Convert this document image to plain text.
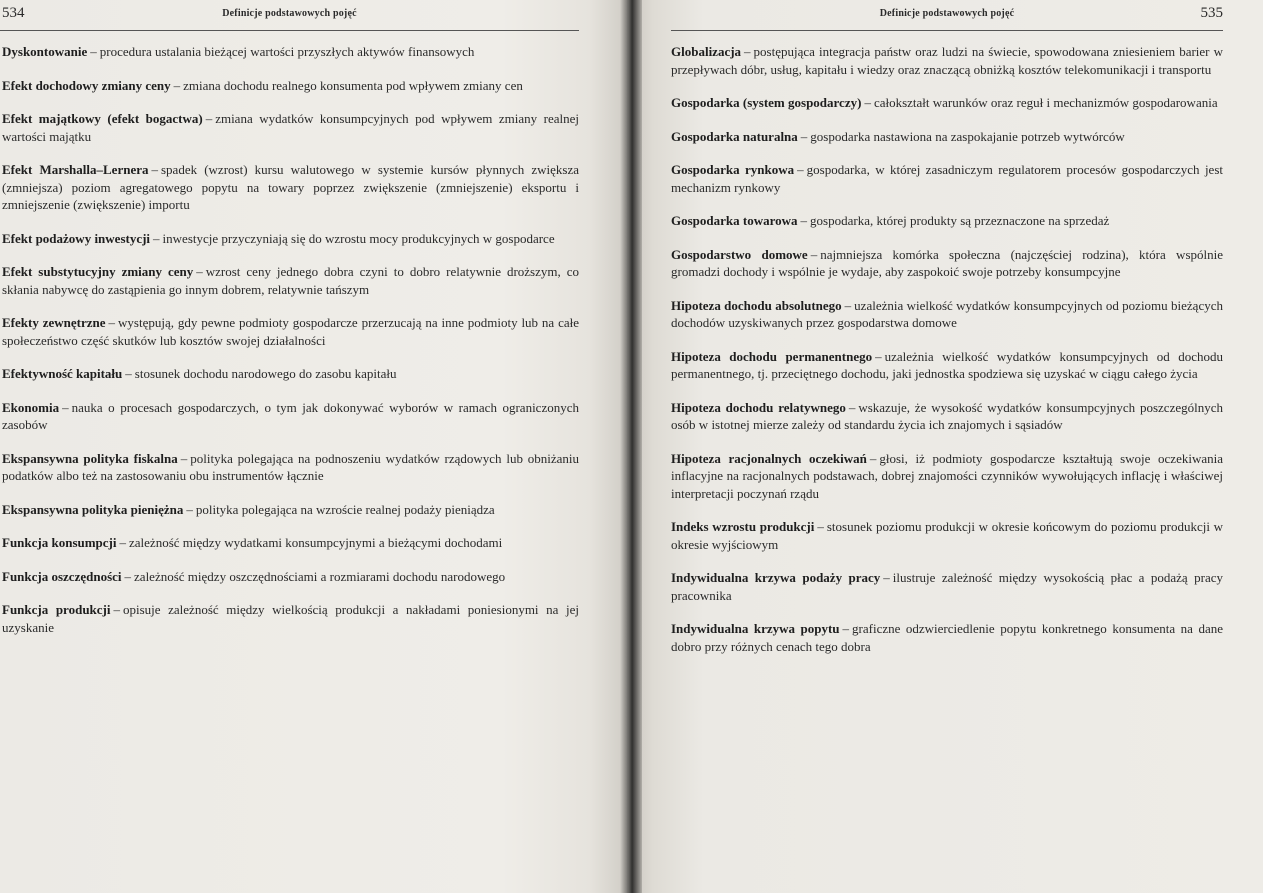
534	Definicje podstawowych pojęć

Dyskontowanie – procedura ustalania bieżącej wartości przyszłych aktywów finansowych

Efekt dochodowy zmiany ceny – zmiana dochodu realnego konsumenta pod wpływem zmiany cen

Efekt majątkowy (efekt bogactwa) – zmiana wydatków konsumpcyjnych pod wpływem zmiany realnej wartości majątku

Efekt Marshalla–Lernera – spadek (wzrost) kursu walutowego w systemie kursów płynnych zwiększa (zmniejsza) poziom agregatowego popytu na towary poprzez zwiększenie (zmniejszenie) eksportu i zmniejszenie (zwiększenie) importu

Efekt podażowy inwestycji – inwestycje przyczyniają się do wzrostu mocy produkcyjnych w gospodarce

Efekt substytucyjny zmiany ceny – wzrost ceny jednego dobra czyni to dobro relatywnie droższym, co skłania nabywcę do zastąpienia go innym dobrem, relatywnie tańszym

Efekty zewnętrzne – występują, gdy pewne podmioty gospodarcze przerzucają na inne podmioty lub na całe społeczeństwo część skutków lub kosztów swojej działalności

Efektywność kapitału – stosunek dochodu narodowego do zasobu kapitału

Ekonomia – nauka o procesach gospodarczych, o tym jak dokonywać wyborów w ramach ograniczonych zasobów

Ekspansywna polityka fiskalna – polityka polegająca na podnoszeniu wydatków rządowych lub obniżaniu podatków albo też na zastosowaniu obu instrumentów łącznie

Ekspansywna polityka pieniężna – polityka polegająca na wzroście realnej podaży pieniądza

Funkcja konsumpcji – zależność między wydatkami konsumpcyjnymi a bieżącymi dochodami

Funkcja oszczędności – zależność między oszczędnościami a rozmiarami dochodu narodowego

Funkcja produkcji – opisuje zależność między wielkością produkcji a nakładami poniesionymi na jej uzyskanie

Definicje podstawowych pojęć	535

Globalizacja – postępująca integracja państw oraz ludzi na świecie, spowodowana zniesieniem barier w przepływach dóbr, usług, kapitału i wiedzy oraz znaczącą obniżką kosztów telekomunikacji i transportu

Gospodarka (system gospodarczy) – całokształt warunków oraz reguł i mechanizmów gospodarowania

Gospodarka naturalna – gospodarka nastawiona na zaspokajanie potrzeb wytwórców

Gospodarka rynkowa – gospodarka, w której zasadniczym regulatorem procesów gospodarczych jest mechanizm rynkowy

Gospodarka towarowa – gospodarka, której produkty są przeznaczone na sprzedaż

Gospodarstwo domowe – najmniejsza komórka społeczna (najczęściej rodzina), która wspólnie gromadzi dochody i wspólnie je wydaje, aby zaspokoić swoje potrzeby konsumpcyjne

Hipoteza dochodu absolutnego – uzależnia wielkość wydatków konsumpcyjnych od poziomu bieżących dochodów uzyskiwanych przez gospodarstwa domowe

Hipoteza dochodu permanentnego – uzależnia wielkość wydatków konsumpcyjnych od dochodu permanentnego, tj. przeciętnego dochodu, jaki jednostka spodziewa się uzyskać w ciągu całego życia

Hipoteza dochodu relatywnego – wskazuje, że wysokość wydatków konsumpcyjnych poszczególnych osób w istotnej mierze zależy od standardu życia ich znajomych i sąsiadów

Hipoteza racjonalnych oczekiwań – głosi, iż podmioty gospodarcze kształtują swoje oczekiwania inflacyjne na racjonalnych podstawach, dobrej znajomości czynników wywołujących inflację i właściwej interpretacji poczynań rządu

Indeks wzrostu produkcji – stosunek poziomu produkcji w okresie końcowym do poziomu produkcji w okresie wyjściowym

Indywidualna krzywa podaży pracy – ilustruje zależność między wysokością płac a podażą pracy pracownika

Indywidualna krzywa popytu – graficzne odzwierciedlenie popytu konkretnego konsumenta na dane dobro przy różnych cenach tego dobra
